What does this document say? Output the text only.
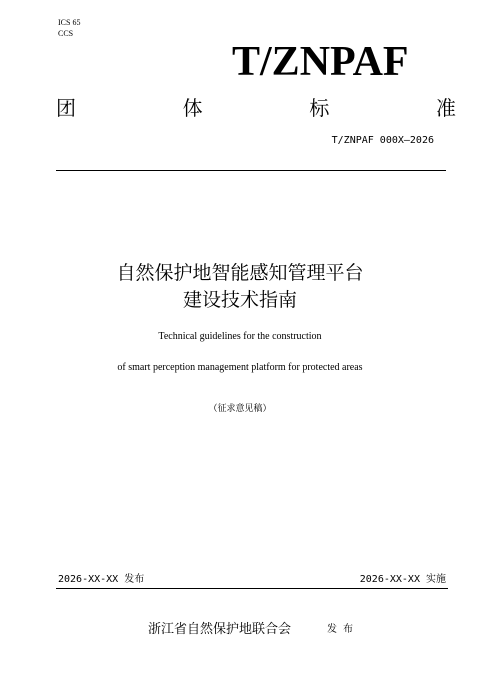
ICS 65
CCS
T/ZNPAF
团	体	标	准
T/ZNPAF 000X—2026
自然保护地智能感知管理平台
建设技术指南
Technical guidelines for the construction
of smart perception management platform for protected areas
（征求意见稿）
2026-XX-XX 发布	2026-XX-XX 实施
浙江省自然保护地联合会	发布
